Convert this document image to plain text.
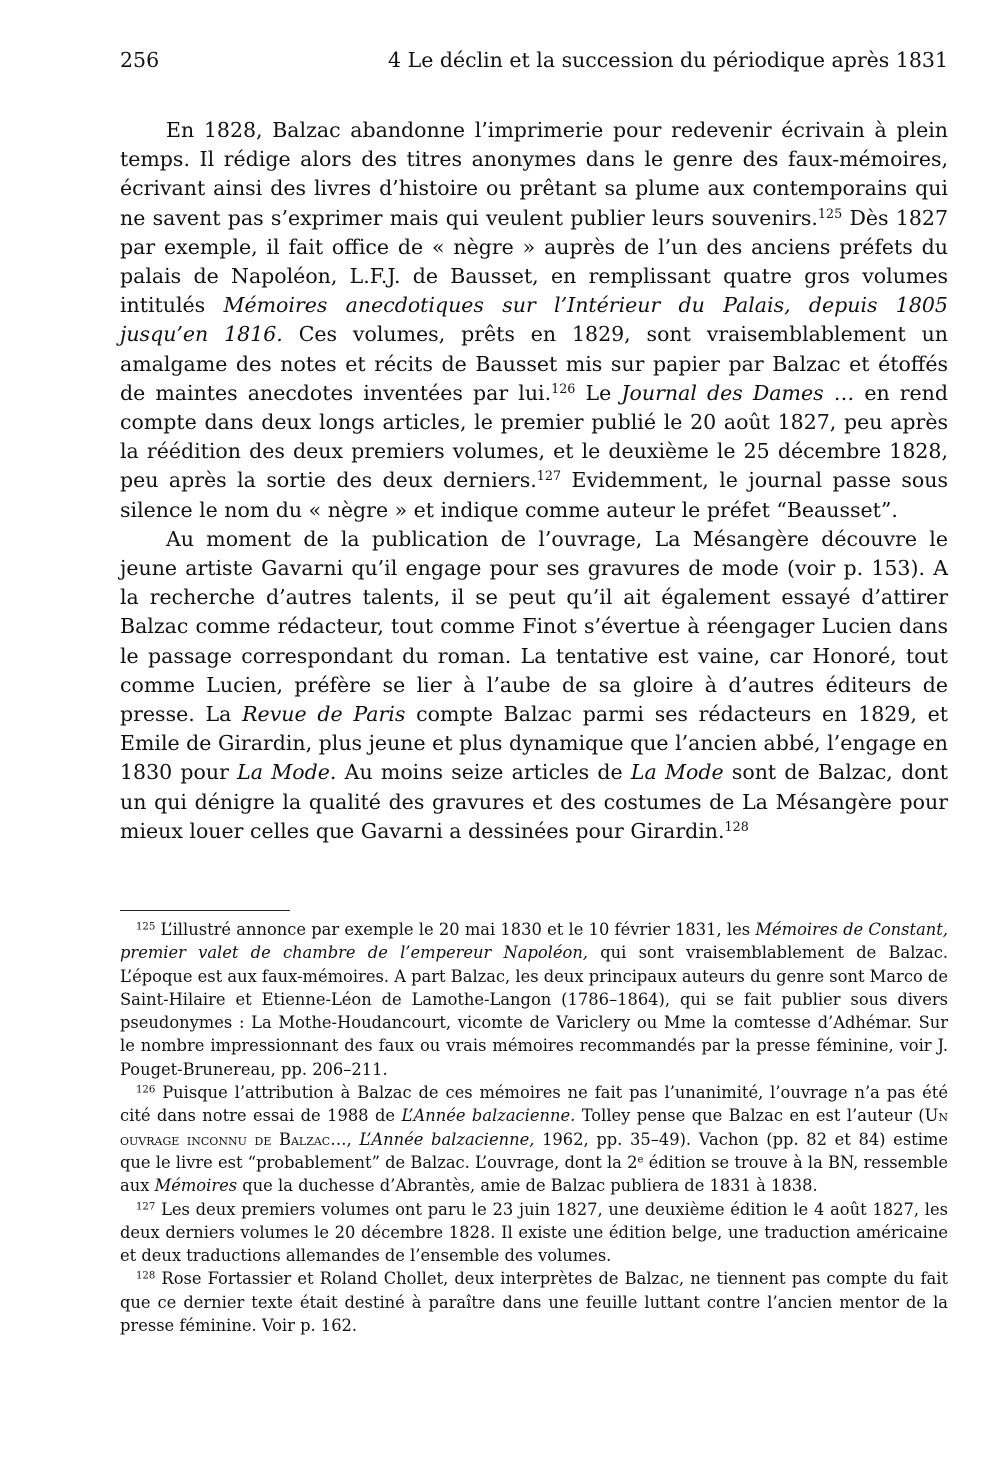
256	4 Le déclin et la succession du périodique après 1831

En 1828, Balzac abandonne l’imprimerie pour redevenir écrivain à plein temps. Il rédige alors des titres anonymes dans le genre des faux-mémoires, écrivant ainsi des livres d’histoire ou prêtant sa plume aux contemporains qui ne savent pas s’exprimer mais qui veulent publier leurs souvenirs.$^{125}$ Dès 1827 par exemple, il fait office de « nègre » auprès de l’un des anciens préfets du palais de Napoléon, L.F.J. de Bausset, en remplissant quatre gros volumes intitulés Mémoires anecdotiques sur l’Intérieur du Palais, depuis 1805 jusqu’en 1816. Ces volumes, prêts en 1829, sont vraisemblablement un amalgame des notes et récits de Bausset mis sur papier par Balzac et étoffés de maintes anecdotes inventées par lui.$^{126}$ Le Journal des Dames … en rend compte dans deux longs articles, le premier publié le 20 août 1827, peu après la réédition des deux premiers volumes, et le deuxième le 25 décembre 1828, peu après la sortie des deux derniers.$^{127}$ Evidemment, le journal passe sous silence le nom du « nègre » et indique comme auteur le préfet “Beausset”.

Au moment de la publication de l’ouvrage, La Mésangère découvre le jeune artiste Gavarni qu’il engage pour ses gravures de mode (voir p. 153). A la recherche d’autres talents, il se peut qu’il ait également essayé d’attirer Balzac comme rédacteur, tout comme Finot s’évertue à réengager Lucien dans le passage correspondant du roman. La tentative est vaine, car Honoré, tout comme Lucien, préfère se lier à l’aube de sa gloire à d’autres éditeurs de presse. La Revue de Paris compte Balzac parmi ses rédacteurs en 1829, et Emile de Girardin, plus jeune et plus dynamique que l’ancien abbé, l’engage en 1830 pour La Mode. Au moins seize articles de La Mode sont de Balzac, dont un qui dénigre la qualité des gravures et des costumes de La Mésangère pour mieux louer celles que Gavarni a dessinées pour Girardin.$^{128}$

$^{125}$ L’illustré annonce par exemple le 20 mai 1830 et le 10 février 1831, les Mémoires de Constant, premier valet de chambre de l’empereur Napoléon, qui sont vraisemblablement de Balzac. L’époque est aux faux-mémoires. A part Balzac, les deux principaux auteurs du genre sont Marco de Saint-Hilaire et Etienne-Léon de Lamothe-Langon (1786–1864), qui se fait publier sous divers pseudonymes : La Mothe-Houdancourt, vicomte de Variclery ou Mme la comtesse d’Adhémar. Sur le nombre impressionnant des faux ou vrais mémoires recommandés par la presse féminine, voir J. Pouget-Brunereau, pp. 206–211.

$^{126}$ Puisque l’attribution à Balzac de ces mémoires ne fait pas l’unanimité, l’ouvrage n’a pas été cité dans notre essai de 1988 de L’Année balzacienne. Tolley pense que Balzac en est l’auteur (Un ouvrage inconnu de Balzac…, L’Année balzacienne, 1962, pp. 35–49). Vachon (pp. 82 et 84) estime que le livre est “probablement” de Balzac. L’ouvrage, dont la 2e édition se trouve à la BN, ressemble aux Mémoires que la duchesse d’Abrantès, amie de Balzac publiera de 1831 à 1838.

$^{127}$ Les deux premiers volumes ont paru le 23 juin 1827, une deuxième édition le 4 août 1827, les deux derniers volumes le 20 décembre 1828. Il existe une édition belge, une traduction américaine et deux traductions allemandes de l’ensemble des volumes.

$^{128}$ Rose Fortassier et Roland Chollet, deux interprètes de Balzac, ne tiennent pas compte du fait que ce dernier texte était destiné à paraître dans une feuille luttant contre l’ancien mentor de la presse féminine. Voir p. 162.
